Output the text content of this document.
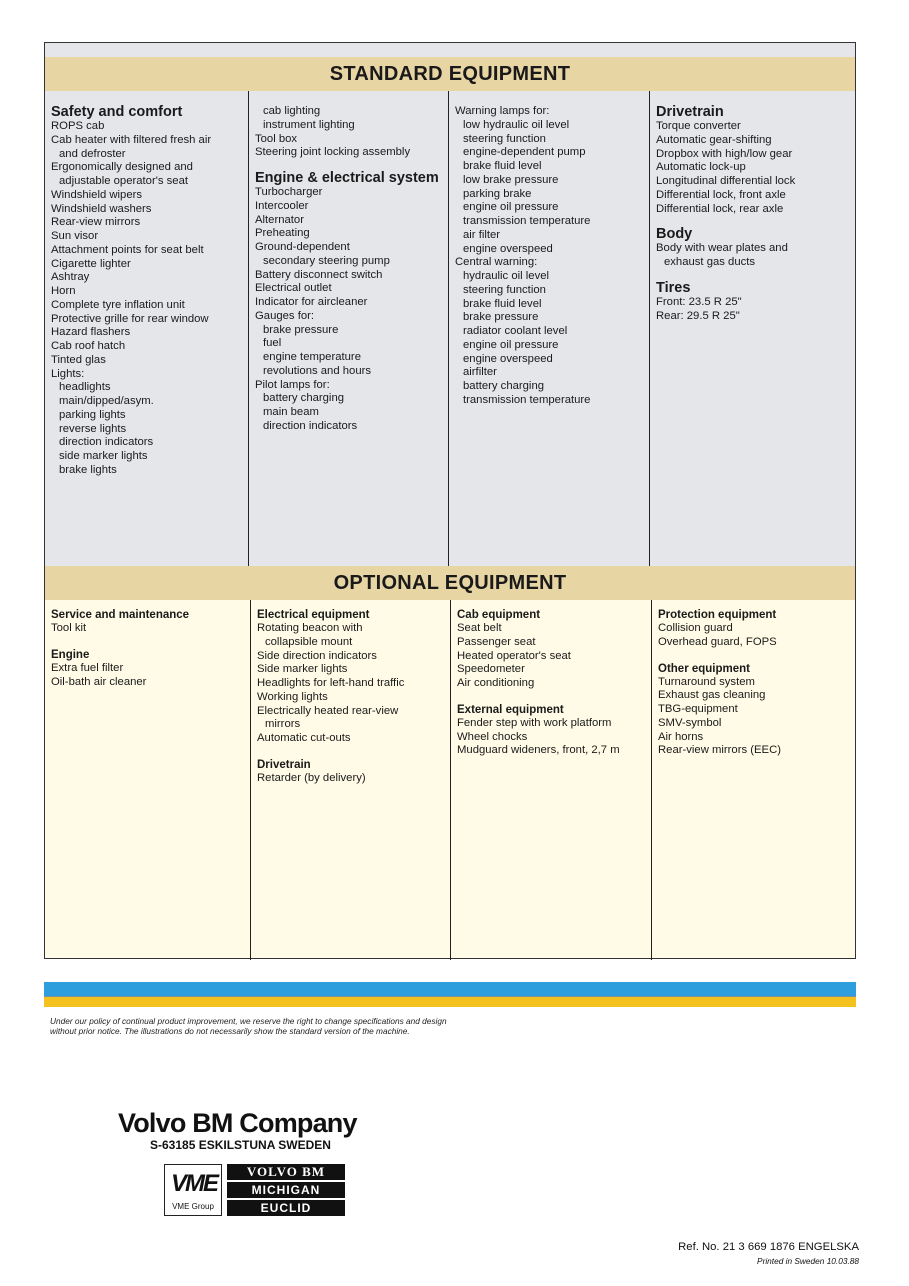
STANDARD EQUIPMENT
Safety and comfort
ROPS cab
Cab heater with filtered fresh air
and defroster
Ergonomically designed and
adjustable operator's seat
Windshield wipers
Windshield washers
Rear-view mirrors
Sun visor
Attachment points for seat belt
Cigarette lighter
Ashtray
Horn
Complete tyre inflation unit
Protective grille for rear window
Hazard flashers
Cab roof hatch
Tinted glas
Lights:
headlights
main/dipped/asym.
parking lights
reverse lights
direction indicators
side marker lights
brake lights
cab lighting
instrument lighting
Tool box
Steering joint locking assembly
Engine & electrical system
Turbocharger
Intercooler
Alternator
Preheating
Ground-dependent
secondary steering pump
Battery disconnect switch
Electrical outlet
Indicator for aircleaner
Gauges for:
brake pressure
fuel
engine temperature
revolutions and hours
Pilot lamps for:
battery charging
main beam
direction indicators
Warning lamps for:
low hydraulic oil level
steering function
engine-dependent pump
brake fluid level
low brake pressure
parking brake
engine oil pressure
transmission temperature
air filter
engine overspeed
Central warning:
hydraulic oil level
steering function
brake fluid level
brake pressure
radiator coolant level
engine oil pressure
engine overspeed
airfilter
battery charging
transmission temperature
Drivetrain
Torque converter
Automatic gear-shifting
Dropbox with high/low gear
Automatic lock-up
Longitudinal differential lock
Differential lock, front axle
Differential lock, rear axle
Body
Body with wear plates and
exhaust gas ducts
Tires
Front: 23.5 R 25"
Rear: 29.5 R 25"
OPTIONAL EQUIPMENT
Service and maintenance
Tool kit
Engine
Extra fuel filter
Oil-bath air cleaner
Electrical equipment
Rotating beacon with
collapsible mount
Side direction indicators
Side marker lights
Headlights for left-hand traffic
Working lights
Electrically heated rear-view
mirrors
Automatic cut-outs
Drivetrain
Retarder (by delivery)
Cab equipment
Seat belt
Passenger seat
Heated operator's seat
Speedometer
Air conditioning
External equipment
Fender step with work platform
Wheel chocks
Mudguard wideners, front, 2,7 m
Protection equipment
Collision guard
Overhead guard, FOPS
Other equipment
Turnaround system
Exhaust gas cleaning
TBG-equipment
SMV-symbol
Air horns
Rear-view mirrors (EEC)
Under our policy of continual product improvement, we reserve the right to change specifications and design without prior notice. The illustrations do not necessarily show the standard version of the machine.
Volvo BM Company
S-63185 ESKILSTUNA SWEDEN
VME
VME Group
VOLVO BM
MICHIGAN
EUCLID
Ref. No. 21 3 669 1876 ENGELSKA
Printed in Sweden 10.03.88
